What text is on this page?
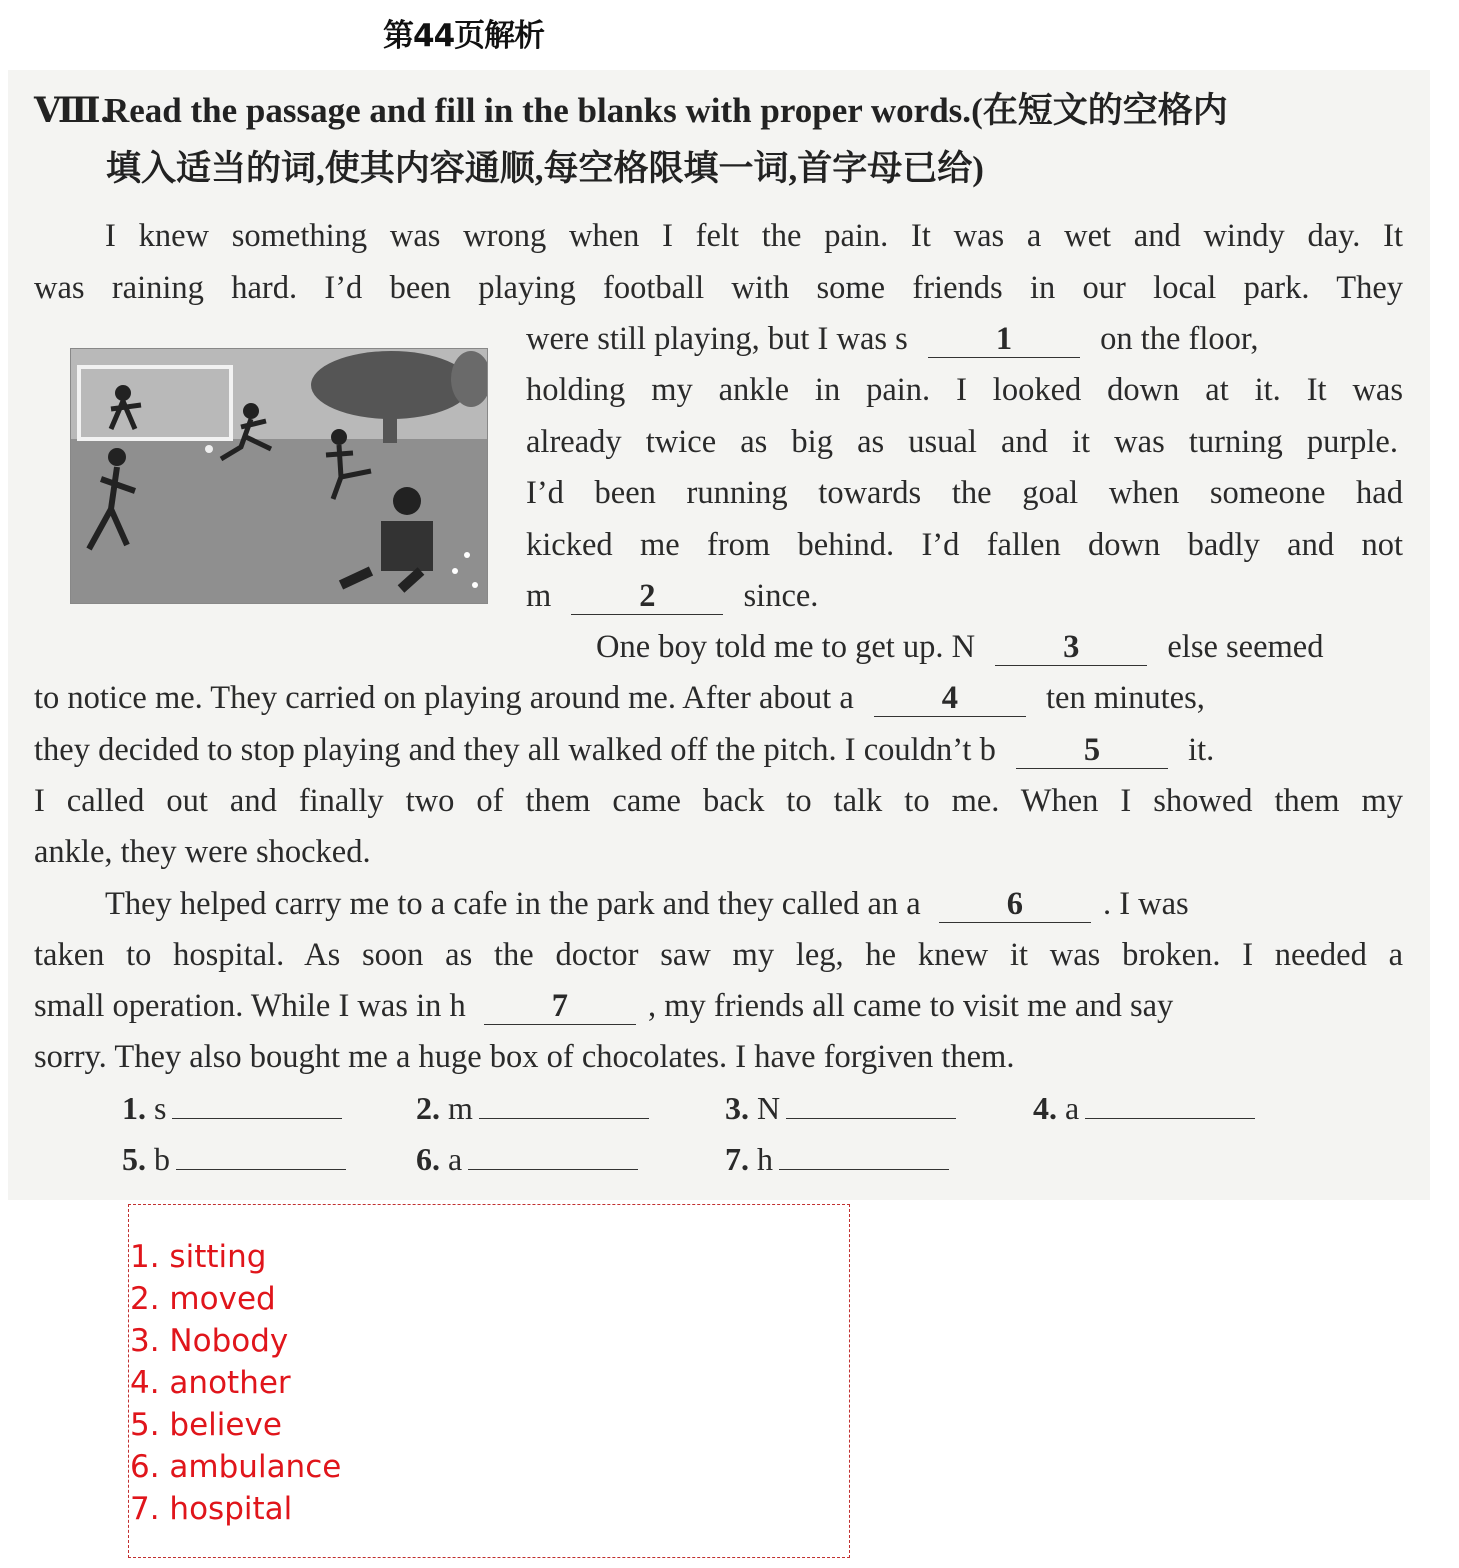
第44页解析
Ⅷ.Read the passage and fill in the blanks with proper words.(在短文的空格内
填入适当的词,使其内容通顺,每空格限填一词,首字母已给)
I knew something was wrong when I felt the pain. It was a wet and windy day. It
was raining hard. I’d been playing football with some friends in our local park. They
were still playing, but I was s	1	on the floor,
holding my ankle in pain. I looked down at it. It was
already twice as big as usual and it was turning purple.
I’d been running towards the goal when someone had
kicked me from behind. I’d fallen down badly and not
m	2	since.
One boy told me to get up. N	3	else seemed
to notice me. They carried on playing around me. After about a	4	ten minutes,
they decided to stop playing and they all walked off the pitch. I couldn’t b	5	it.
I called out and finally two of them came back to talk to me. When I showed them my
ankle, they were shocked.
They helped carry me to a cafe in the park and they called an a	6 . I was
taken to hospital. As soon as the doctor saw my leg, he knew it was broken. I needed a
small operation. While I was in h	7 , my friends all came to visit me and say
sorry. They also bought me a huge box of chocolates. I have forgiven them.
1. s	2. m	3. N	4. a
5. b	6. a	7. h
1. sitting
2. moved
3. Nobody
4. another
5. believe
6. ambulance
7. hospital
